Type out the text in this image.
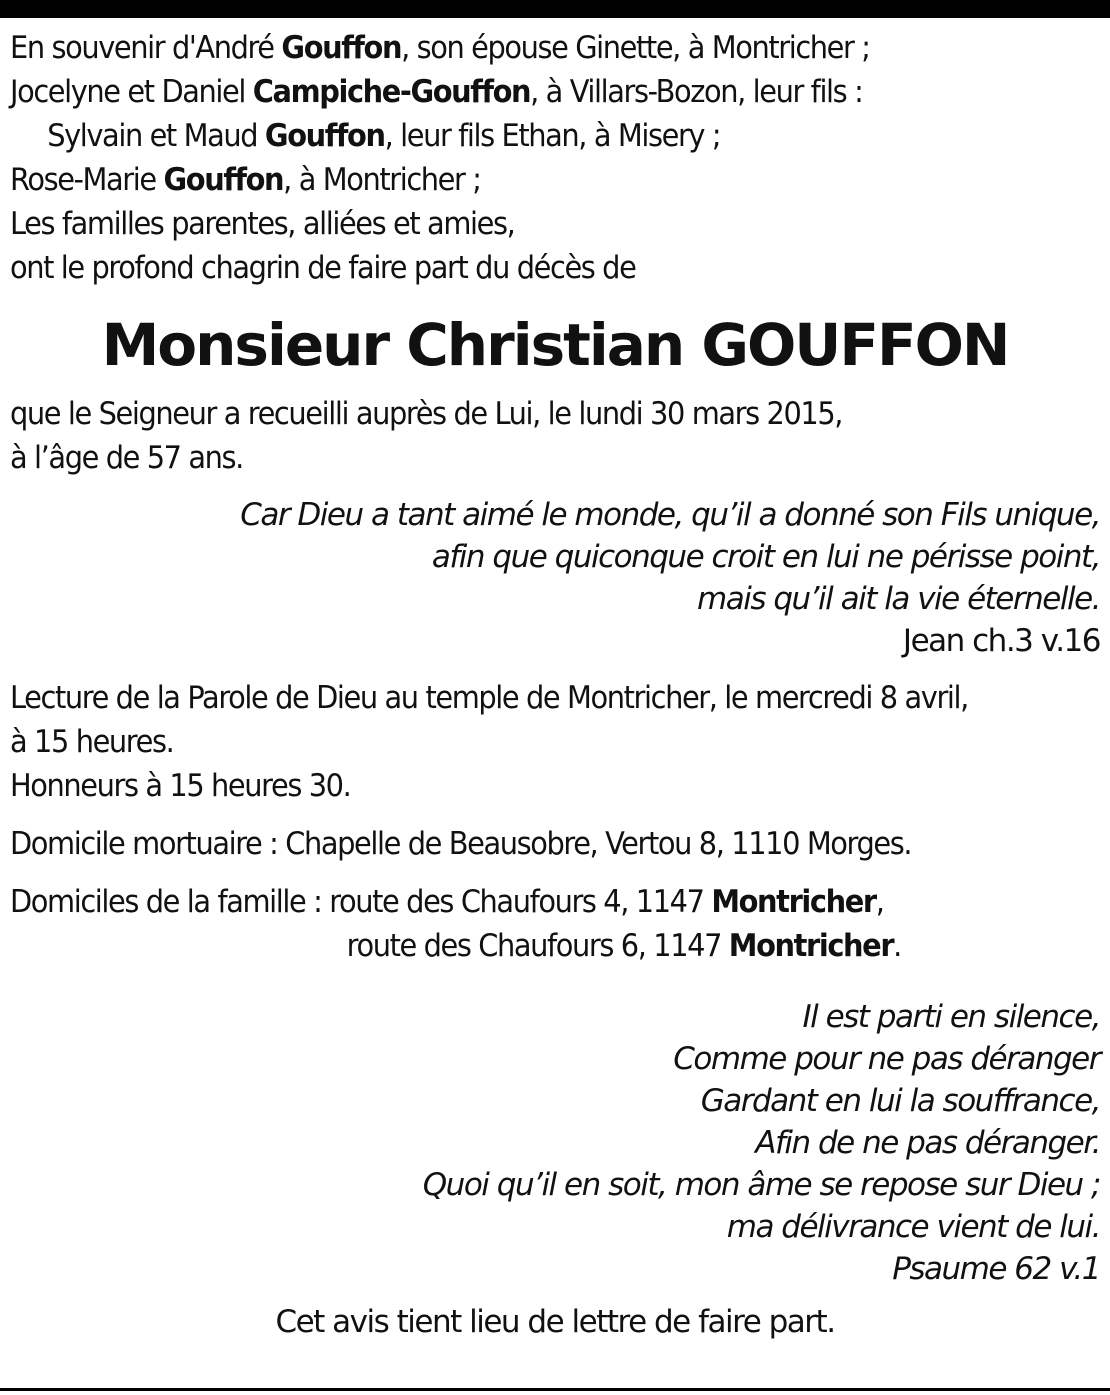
En souvenir d'André Gouffon, son épouse Ginette, à Montricher ;
Jocelyne et Daniel Campiche-Gouffon, à Villars-Bozon, leur fils :
Sylvain et Maud Gouffon, leur fils Ethan, à Misery ;
Rose-Marie Gouffon, à Montricher ;
Les familles parentes, alliées et amies,
ont le profond chagrin de faire part du décès de
Monsieur Christian GOUFFON
que le Seigneur a recueilli auprès de Lui, le lundi 30 mars 2015,
à l’âge de 57 ans.
Car Dieu a tant aimé le monde, qu’il a donné son Fils unique,
afin que quiconque croit en lui ne périsse point,
mais qu’il ait la vie éternelle.
Jean ch.3 v.16
Lecture de la Parole de Dieu au temple de Montricher, le mercredi 8 avril,
à 15 heures.
Honneurs à 15 heures 30.
Domicile mortuaire : Chapelle de Beausobre, Vertou 8, 1110 Morges.
Domiciles de la famille : route des Chaufours 4, 1147 Montricher,
route des Chaufours 6, 1147 Montricher.
Il est parti en silence,
Comme pour ne pas déranger
Gardant en lui la souffrance,
Afin de ne pas déranger.
Quoi qu’il en soit, mon âme se repose sur Dieu ;
ma délivrance vient de lui.
Psaume 62 v.1
Cet avis tient lieu de lettre de faire part.
